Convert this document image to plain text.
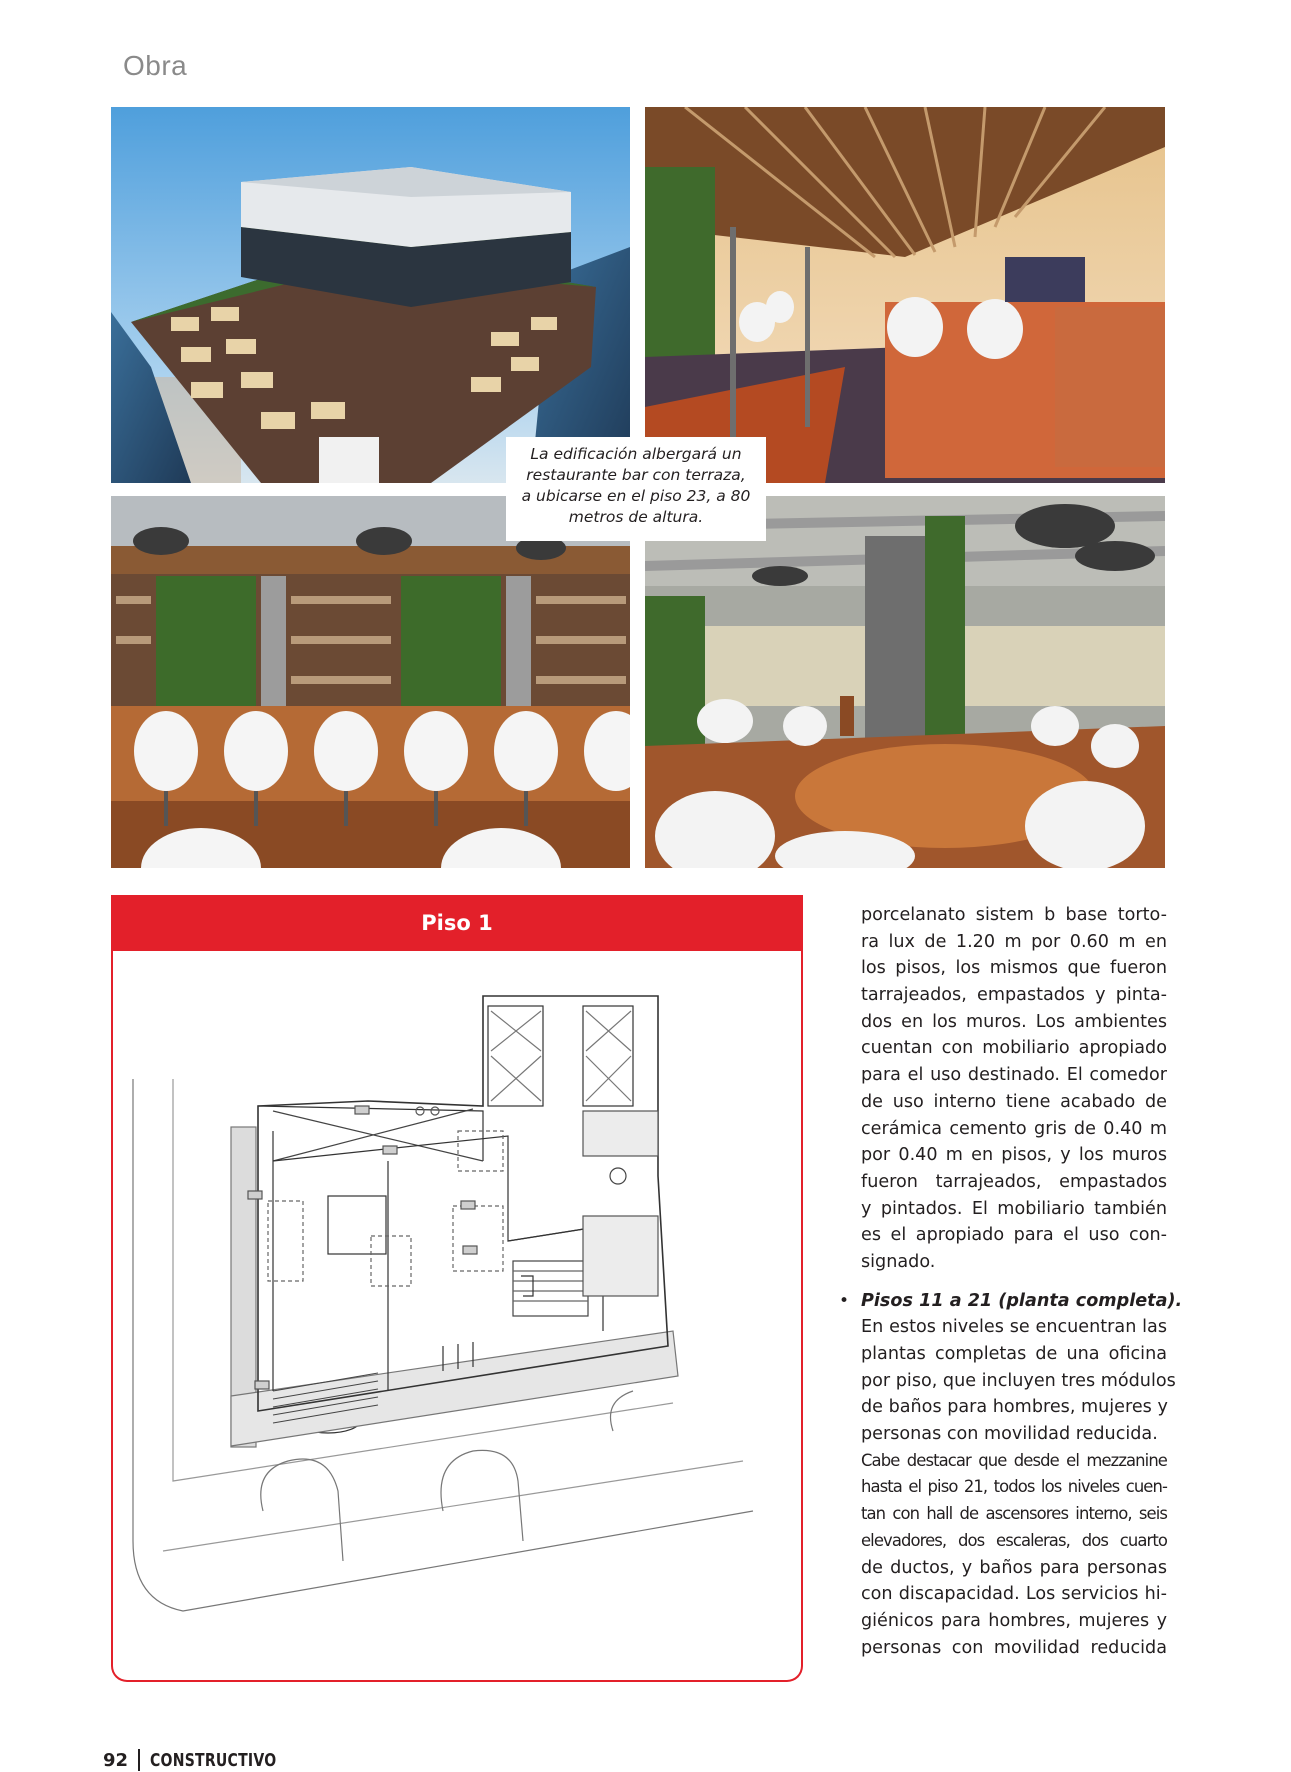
Obra
La edificación albergará un
restaurante bar con terraza,
a ubicarse en el piso 23, a 80
metros de altura.
Piso 1	porcelanato sistem b base torto-
ra lux de 1.20 m por 0.60 m en
los pisos, los mismos que fueron
tarrajeados, empastados y pinta-
dos en los muros. Los ambientes
cuentan con mobiliario apropiado
para el uso destinado. El comedor
de uso interno tiene acabado de
cerámica cemento gris de 0.40 m
por 0.40 m en pisos, y los muros
fueron tarrajeados, empastados
y pintados. El mobiliario también
es el apropiado para el uso con-
signado.
• Pisos 11 a 21 (planta completa).
En estos niveles se encuentran las
plantas completas de una oficina
por piso, que incluyen tres módulos
de baños para hombres, mujeres y
personas con movilidad reducida.
Cabe destacar que desde el mezzanine
hasta el piso 21, todos los niveles cuen-
tan con hall de ascensores interno, seis
elevadores, dos escaleras, dos cuarto
de ductos, y baños para personas
con discapacidad. Los servicios hi-
giénicos para hombres, mujeres y
personas con movilidad reducida
92 CONSTRUCTIVO
